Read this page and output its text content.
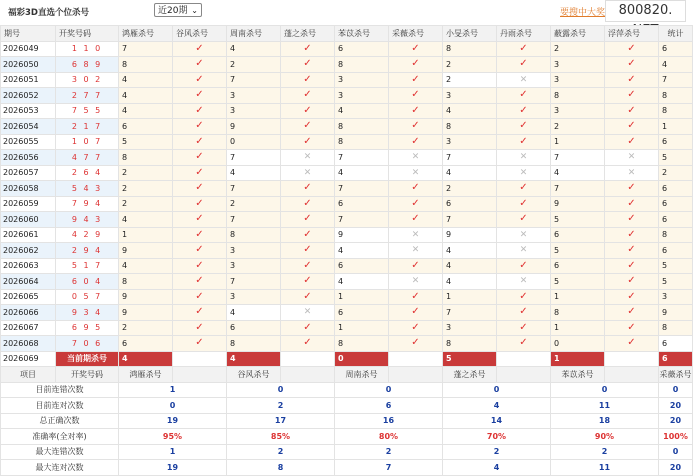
福彩3D直选个位杀号	近20期 ⌄	要搜中大奖	800820.
期号	开奖号码	鸿雁杀号	谷风杀号	周南杀号	蓬之杀号	苯苡杀号	采薇杀号	小旻杀号	丹雨杀号	蔽露杀号	浮萍杀号	统计	
2026049	1 1 0	7	✓	4	✓	6	✓	8	✓	2	✓	6										
2026050	6 8 9	8	✓	2	✓	8	✓	2	✓	3	✓	4										
2026051	3 0 2	4	✓	7	✓	3	✓	2	✕	3	✓	7										
2026052	2 7 7	4	✓	3	✓	3	✓	3	✓	8	✓	8										
2026053	7 5 5	4	✓	3	✓	4	✓	4	✓	3	✓	8										
2026054	2 1 7	6	✓	9	✓	8	✓	8	✓	2	✓	1										
2026055	1 0 7	5	✓	0	✓	8	✓	3	✓	1	✓	6										
2026056	4 7 7	8	✓	7	✕	7	✕	7	✕	7	✕	5										
2026057	2 6 4	2	✓	4	✕	4	✕	4	✕	4	✕	2										
2026058	5 4 3	2	✓	7	✓	7	✓	2	✓	7	✓	6										
2026059	7 9 4	2	✓	2	✓	6	✓	6	✓	9	✓	6										
2026060	9 4 3	4	✓	7	✓	7	✓	7	✓	5	✓	6										
2026061	4 2 9	1	✓	8	✓	9	✕	9	✕	6	✓	8										
2026062	2 9 4	9	✓	3	✓	4	✕	4	✕	5	✓	6										
2026063	5 1 7	4	✓	3	✓	6	✓	4	✓	6	✓	5										
2026064	6 0 4	8	✓	7	✓	4	✕	4	✕	5	✓	5										
2026065	0 5 7	9	✓	3	✓	1	✓	1	✓	1	✓	3										
2026066	9 3 4	9	✓	4	✕	6	✓	7	✓	8	✓	9										
2026067	6 9 5	2	✓	6	✓	1	✓	3	✓	1	✓	8										
2026068	7 0 6	6	✓	8	✓	8	✓	8	✓	0	✓	6										
2026069	当前期杀号	4		4		0		5		1		6										
项目	开奖号码	鸿雁杀号		谷风杀号		周南杀号		蓬之杀号		苯苡杀号		采薇杀号										
目前连错次数		1		0		0		0		0		0					
目前连对次数		0		2		6		4		11		20					
总正确次数		19		17		16		14		18		20					
准确率(全对率)		95%		85%		80%		70%		90%		100%					
最大连错次数		1		2		2		2		2		0					
最大连对次数		19		8		7		4		11		20					
